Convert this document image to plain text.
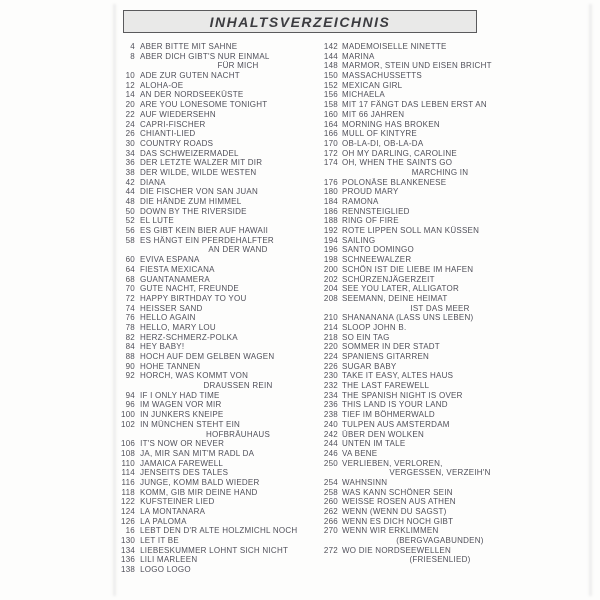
INHALTSVERZEICHNIS
4 ABER BITTE MIT SAHNE
8 ABER DICH GIBT'S NUR EINMAL
FÜR MICH
10 ADE ZUR GUTEN NACHT
12 ALOHA-OE
14 AN DER NORDSEEKÜSTE
20 ARE YOU LONESOME TONIGHT
22 AUF WIEDERSEHN
24 CAPRI-FISCHER
26 CHIANTI-LIED
30 COUNTRY ROADS
34 DAS SCHWEIZERMADEL
36 DER LETZTE WALZER MIT DIR
38 DER WILDE, WILDE WESTEN
42 DIANA
44 DIE FISCHER VON SAN JUAN
48 DIE HÄNDE ZUM HIMMEL
50 DOWN BY THE RIVERSIDE
52 EL LUTE
56 ES GIBT KEIN BIER AUF HAWAII
58 ES HÄNGT EIN PFERDEHALFTER
AN DER WAND
60 EVIVA ESPANA
64 FIESTA MEXICANA
68 GUANTANAMERA
70 GUTE NACHT, FREUNDE
72 HAPPY BIRTHDAY TO YOU
74 HEISSER SAND
76 HELLO AGAIN
78 HELLO, MARY LOU
82 HERZ-SCHMERZ-POLKA
84 HEY BABY!
88 HOCH AUF DEM GELBEN WAGEN
90 HOHE TANNEN
92 HORCH, WAS KOMMT VON
DRAUSSEN REIN
94 IF I ONLY HAD TIME
96 IM WAGEN VOR MIR
100 IN JUNKERS KNEIPE
102 IN MÜNCHEN STEHT EIN
HOFBRÄUHAUS
106 IT'S NOW OR NEVER
108 JA, MIR SAN MIT'M RADL DA
110 JAMAICA FAREWELL
114 JENSEITS DES TALES
116 JUNGE, KOMM BALD WIEDER
118 KOMM, GIB MIR DEINE HAND
122 KUFSTEINER LIED
124 LA MONTANARA
126 LA PALOMA
16 LEBT DEN D'R ALTE HOLZMICHL NOCH
130 LET IT BE
134 LIEBESKUMMER LOHNT SICH NICHT
136 LILI MARLEEN
138 LOGO LOGO
142 MADEMOISELLE NINETTE
144 MARINA
148 MARMOR, STEIN UND EISEN BRICHT
150 MASSACHUSSETTS
152 MEXICAN GIRL
156 MICHAELA
158 MIT 17 FÄNGT DAS LEBEN ERST AN
160 MIT 66 JAHREN
164 MORNING HAS BROKEN
166 MULL OF KINTYRE
170 OB-LA-DI, OB-LA-DA
172 OH MY DARLING, CAROLINE
174 OH, WHEN THE SAINTS GO
MARCHING IN
176 POLONÄSE BLANKENESE
180 PROUD MARY
184 RAMONA
186 RENNSTEIGLIED
188 RING OF FIRE
192 ROTE LIPPEN SOLL MAN KÜSSEN
194 SAILING
196 SANTO DOMINGO
198 SCHNEEWALZER
200 SCHÖN IST DIE LIEBE IM HAFEN
202 SCHÜRZENJÄGERZEIT
204 SEE YOU LATER, ALLIGATOR
208 SEEMANN, DEINE HEIMAT
IST DAS MEER
210 SHANANANA (LASS UNS LEBEN)
214 SLOOP JOHN B.
218 SO EIN TAG
220 SOMMER IN DER STADT
224 SPANIENS GITARREN
226 SUGAR BABY
230 TAKE IT EASY, ALTES HAUS
232 THE LAST FAREWELL
234 THE SPANISH NIGHT IS OVER
236 THIS LAND IS YOUR LAND
238 TIEF IM BÖHMERWALD
240 TULPEN AUS AMSTERDAM
242 ÜBER DEN WOLKEN
244 UNTEN IM TALE
246 VA BENE
250 VERLIEBEN, VERLOREN,
VERGESSEN, VERZEIH'N
254 WAHNSINN
258 WAS KANN SCHÖNER SEIN
260 WEISSE ROSEN AUS ATHEN
262 WENN (WENN DU SAGST)
266 WENN ES DICH NOCH GIBT
270 WENN WIR ERKLIMMEN
(BERGVAGABUNDEN)
272 WO DIE NORDSEEWELLEN
(FRIESENLIED)
